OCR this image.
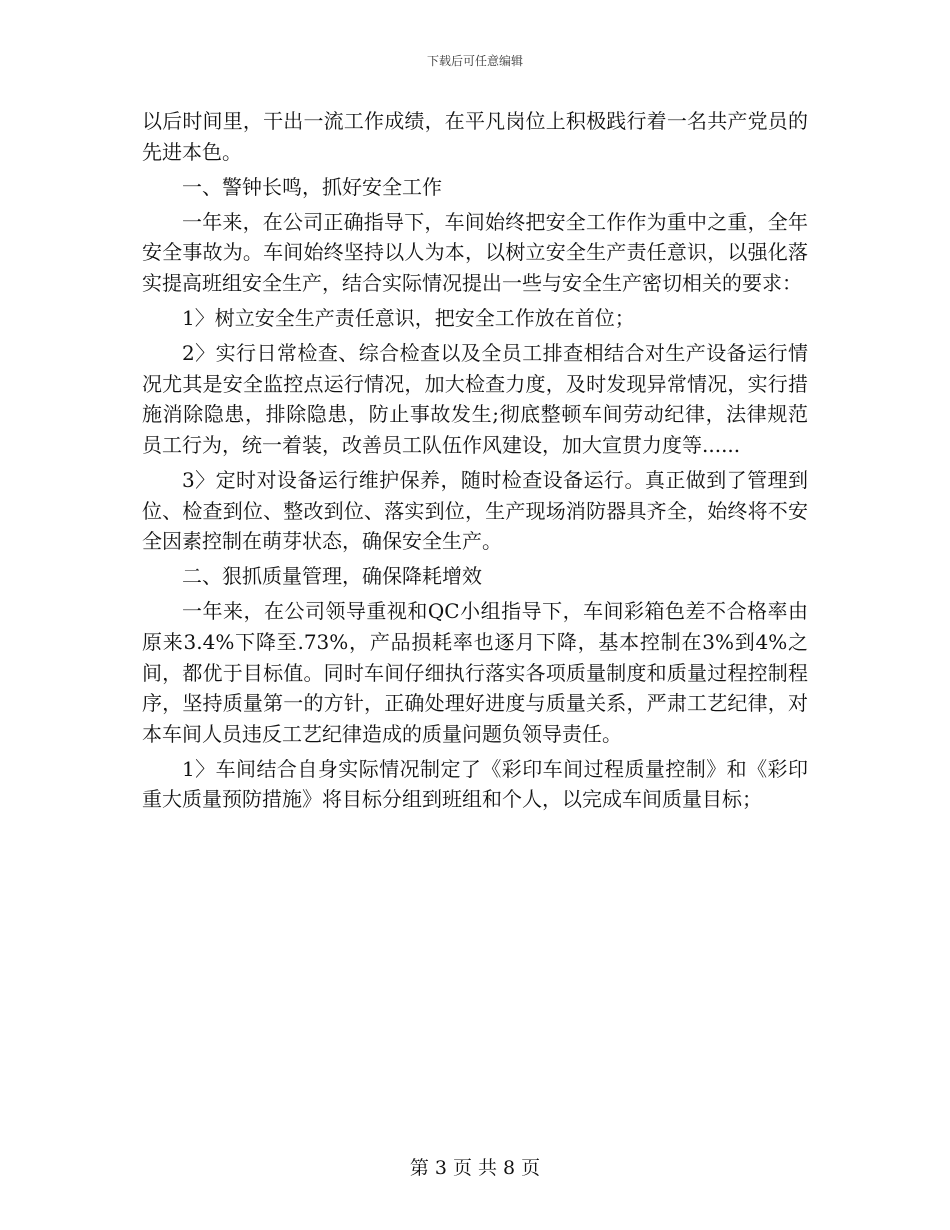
下载后可任意编辑

以后时间里，干出一流工作成绩，在平凡岗位上积极践行着一名共产党员的先进本色。

一、警钟长鸣，抓好安全工作

一年来，在公司正确指导下，车间始终把安全工作作为重中之重，全年安全事故为。车间始终坚持以人为本，以树立安全生产责任意识，以强化落实提高班组安全生产，结合实际情况提出一些与安全生产密切相关的要求：

1〉树立安全生产责任意识，把安全工作放在首位；

2〉实行日常检查、综合检查以及全员工排查相结合对生产设备运行情况尤其是安全监控点运行情况，加大检查力度，及时发现异常情况，实行措施消除隐患，排除隐患，防止事故发生;彻底整顿车间劳动纪律，法律规范员工行为，统一着装，改善员工队伍作风建设，加大宣贯力度等......

3〉定时对设备运行维护保养，随时检查设备运行。真正做到了管理到位、检查到位、整改到位、落实到位，生产现场消防器具齐全，始终将不安全因素控制在萌芽状态，确保安全生产。

二、狠抓质量管理，确保降耗增效

一年来，在公司领导重视和QC小组指导下，车间彩箱色差不合格率由原来3.4%下降至.73%，产品损耗率也逐月下降，基本控制在3%到4%之间，都优于目标值。同时车间仔细执行落实各项质量制度和质量过程控制程序，坚持质量第一的方针，正确处理好进度与质量关系，严肃工艺纪律，对本车间人员违反工艺纪律造成的质量问题负领导责任。

1〉车间结合自身实际情况制定了《彩印车间过程质量控制》和《彩印重大质量预防措施》将目标分组到班组和个人，以完成车间质量目标；

第 3 页 共 8 页
